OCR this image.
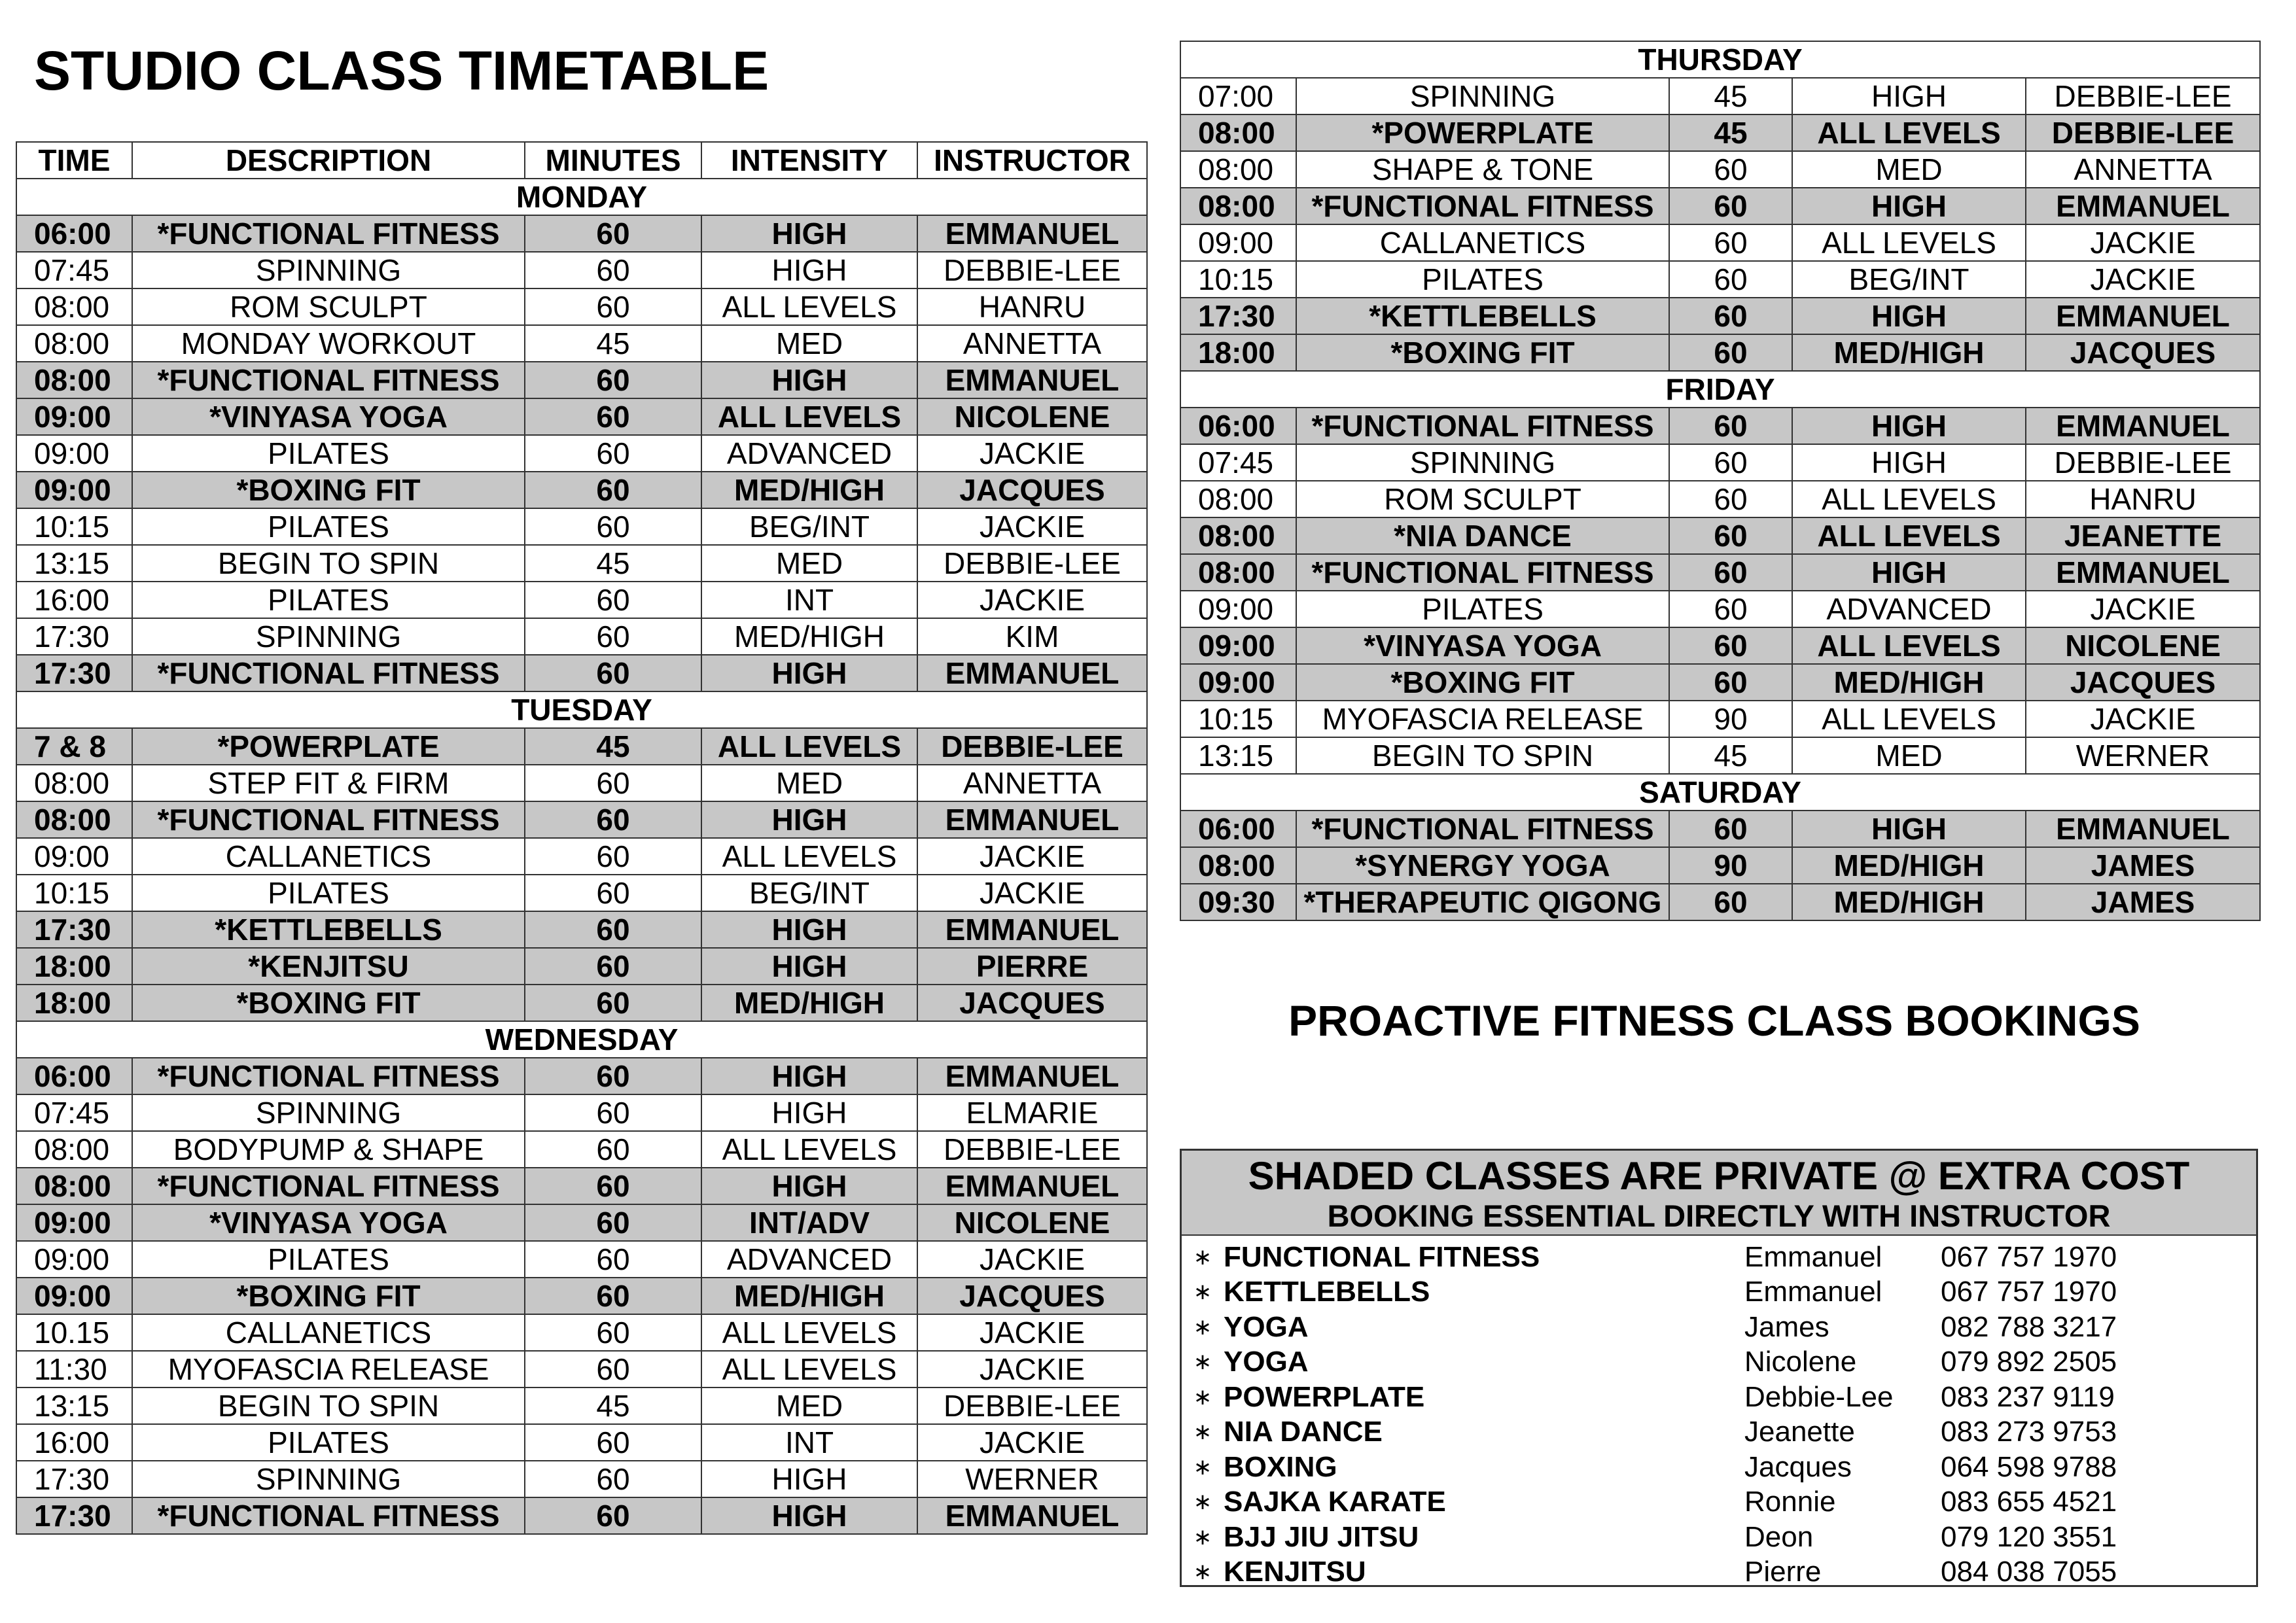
STUDIO CLASS TIMETABLE
TIME	DESCRIPTION	MINUTES	INTENSITY	INSTRUCTOR
MONDAY				
06:00	*FUNCTIONAL FITNESS	60	HIGH	EMMANUEL
07:45	SPINNING	60	HIGH	DEBBIE-LEE
08:00	ROM SCULPT	60	ALL LEVELS	HANRU
08:00	MONDAY WORKOUT	45	MED	ANNETTA
08:00	*FUNCTIONAL FITNESS	60	HIGH	EMMANUEL
09:00	*VINYASA YOGA	60	ALL LEVELS	NICOLENE
09:00	PILATES	60	ADVANCED	JACKIE
09:00	*BOXING FIT	60	MED/HIGH	JACQUES
10:15	PILATES	60	BEG/INT	JACKIE
13:15	BEGIN TO SPIN	45	MED	DEBBIE-LEE
16:00	PILATES	60	INT	JACKIE
17:30	SPINNING	60	MED/HIGH	KIM
17:30	*FUNCTIONAL FITNESS	60	HIGH	EMMANUEL
TUESDAY				
7 & 8	*POWERPLATE	45	ALL LEVELS	DEBBIE-LEE
08:00	STEP FIT & FIRM	60	MED	ANNETTA
08:00	*FUNCTIONAL FITNESS	60	HIGH	EMMANUEL
09:00	CALLANETICS	60	ALL LEVELS	JACKIE
10:15	PILATES	60	BEG/INT	JACKIE
17:30	*KETTLEBELLS	60	HIGH	EMMANUEL
18:00	*KENJITSU	60	HIGH	PIERRE
18:00	*BOXING FIT	60	MED/HIGH	JACQUES
WEDNESDAY				
06:00	*FUNCTIONAL FITNESS	60	HIGH	EMMANUEL
07:45	SPINNING	60	HIGH	ELMARIE
08:00	BODYPUMP & SHAPE	60	ALL LEVELS	DEBBIE-LEE
08:00	*FUNCTIONAL FITNESS	60	HIGH	EMMANUEL
09:00	*VINYASA YOGA	60	INT/ADV	NICOLENE
09:00	PILATES	60	ADVANCED	JACKIE
09:00	*BOXING FIT	60	MED/HIGH	JACQUES
10.15	CALLANETICS	60	ALL LEVELS	JACKIE
11:30	MYOFASCIA RELEASE	60	ALL LEVELS	JACKIE
13:15	BEGIN TO SPIN	45	MED	DEBBIE-LEE
16:00	PILATES	60	INT	JACKIE
17:30	SPINNING	60	HIGH	WERNER
17:30	*FUNCTIONAL FITNESS	60	HIGH	EMMANUEL
THURSDAY				
07:00	SPINNING	45	HIGH	DEBBIE-LEE
08:00	*POWERPLATE	45	ALL LEVELS	DEBBIE-LEE
08:00	SHAPE & TONE	60	MED	ANNETTA
08:00	*FUNCTIONAL FITNESS	60	HIGH	EMMANUEL
09:00	CALLANETICS	60	ALL LEVELS	JACKIE
10:15	PILATES	60	BEG/INT	JACKIE
17:30	*KETTLEBELLS	60	HIGH	EMMANUEL
18:00	*BOXING FIT	60	MED/HIGH	JACQUES
FRIDAY				
06:00	*FUNCTIONAL FITNESS	60	HIGH	EMMANUEL
07:45	SPINNING	60	HIGH	DEBBIE-LEE
08:00	ROM SCULPT	60	ALL LEVELS	HANRU
08:00	*NIA DANCE	60	ALL LEVELS	JEANETTE
08:00	*FUNCTIONAL FITNESS	60	HIGH	EMMANUEL
09:00	PILATES	60	ADVANCED	JACKIE
09:00	*VINYASA YOGA	60	ALL LEVELS	NICOLENE
09:00	*BOXING FIT	60	MED/HIGH	JACQUES
10:15	MYOFASCIA RELEASE	90	ALL LEVELS	JACKIE
13:15	BEGIN TO SPIN	45	MED	WERNER
SATURDAY				
06:00	*FUNCTIONAL FITNESS	60	HIGH	EMMANUEL
08:00	*SYNERGY YOGA	90	MED/HIGH	JAMES
09:30	*THERAPEUTIC QIGONG	60	MED/HIGH	JAMES
PROACTIVE FITNESS CLASS BOOKINGS
SHADED CLASSES ARE PRIVATE @ EXTRA COST
BOOKING ESSENTIAL DIRECTLY WITH INSTRUCTOR
∗ FUNCTIONAL FITNESS	Emmanuel	067 757 1970
∗ KETTLEBELLS	Emmanuel	067 757 1970
∗ YOGA	James	082 788 3217
∗ YOGA	Nicolene	079 892 2505
∗ POWERPLATE	Debbie-Lee	083 237 9119
∗ NIA DANCE	Jeanette	083 273 9753
∗ BOXING	Jacques	064 598 9788
∗ SAJKA KARATE	Ronnie	083 655 4521
∗ BJJ JIU JITSU	Deon	079 120 3551
∗ KENJITSU	Pierre	084 038 7055
